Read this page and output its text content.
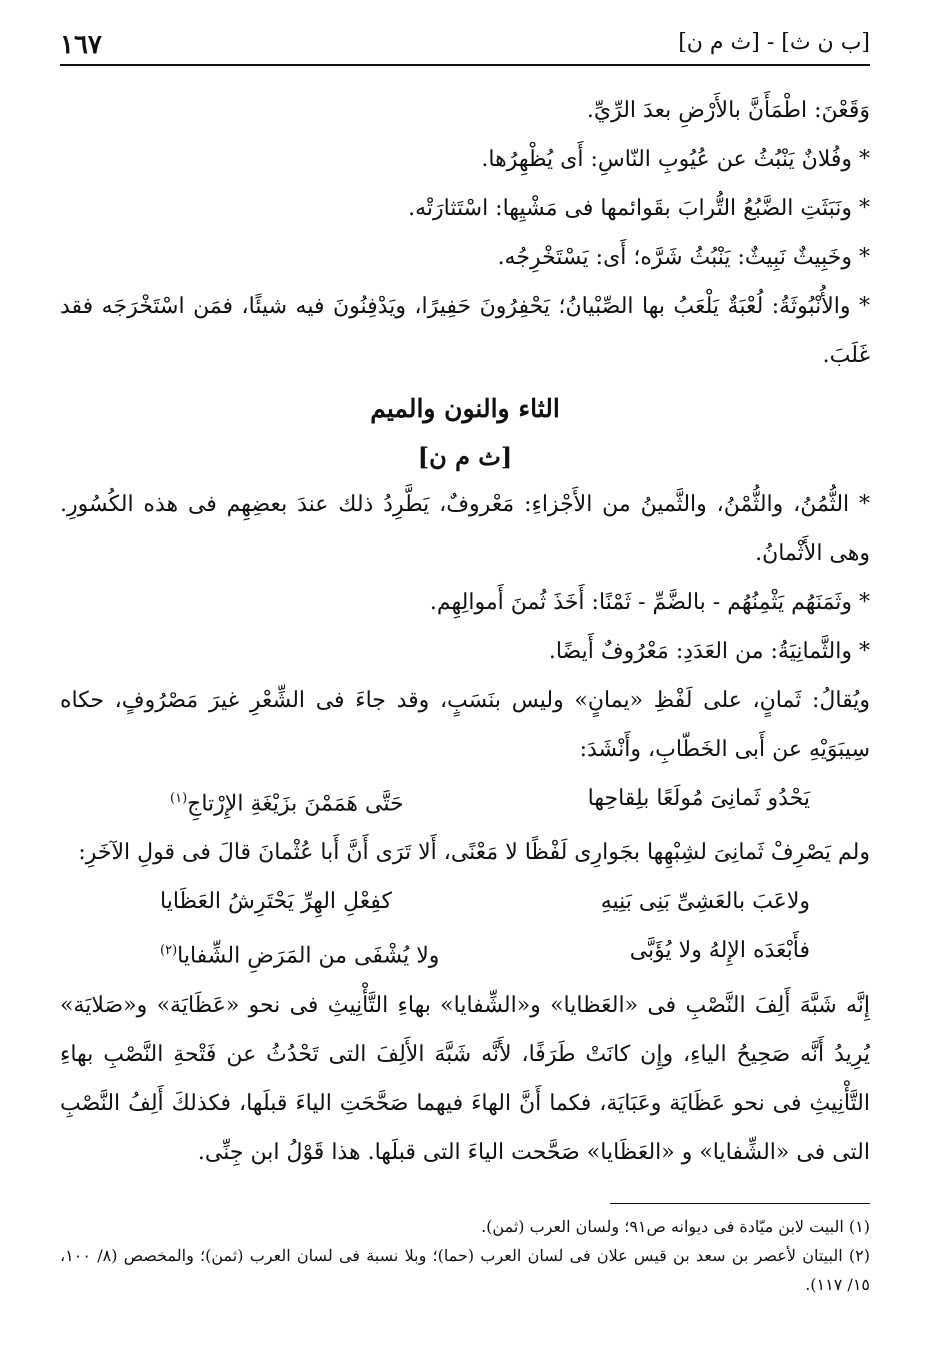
[ب ن ث] - [ث م ن]
١٦٧

وَقَعْنَ: اطْمَأَنَّ بالأَرْضِ بعدَ الرِّيِّ.

* وفُلانٌ يَنْبُثُ عن عُيُوبِ النّاسِ: أَى يُظْهِرُها.

* ونَبَثَتِ الضَّبُعُ التُّرابَ بقَوائمها فى مَشْيِها: اسْتَثارَتْه.

* وخَبِيثٌ نَبِيثٌ: يَنْبُثُ شَرَّه؛ أَى: يَسْتَخْرِجُه.

* والأُنْبُوثَةُ: لُعْبَةٌ يَلْعَبُ بها الصِّبْيانُ؛ يَحْفِرُونَ حَفِيرًا، ويَدْفِنُونَ فيه شيئًا، فمَن اسْتَخْرَجَه فقد غَلَبَ.

الثاء والنون والميم
[ث م ن]

* الثُّمُنُ، والثُّمْنُ، والثَّمينُ من الأَجْزاءِ: مَعْروفٌ، يَطَّرِدُ ذلك عندَ بعضِهِم فى هذه الكُسُورِ. وهى الأَثْمانُ.

* وثَمَنَهُم يَثْمِنُهُم - بالضَّمِّ - ثَمْنًا: أَخَذَ ثُمنَ أَموالِهِم.

* والثَّمانِيَةُ: من العَدَدِ: مَعْرُوفٌ أَيضًا.

ويُقالُ: ثَمانٍ، على لَفْظِ «يمانٍ» وليس بنَسَبٍ، وقد جاءَ فى الشِّعْرِ غيرَ مَصْرُوفٍ، حكاه سِيبَوَيْهِ عن أَبى الخَطّابِ، وأَنْشَدَ:

يَحْدُو ثَمانِىَ مُولَعًا بلِقاحِها
حَتَّى هَمَمْنَ بزَيْغَةِ الإِرْتاجِ$^{(١)}$

ولم يَصْرِفْ ثَمانِىَ لشِبْهِها بجَوارِى لَفْظًا لا مَعْنًى، أَلا تَرَى أَنَّ أَبا عُثْمانَ قالَ فى قولِ الآخَرِ:

ولاعَبَ بالعَشِىِّ بَنِى بَنِيهِ
كفِعْلِ الهِرِّ يَحْتَرِشُ العَظَايا
فأَبْعَدَه الإِلهُ ولا يُؤَبَّى
ولا يُشْفَى من المَرَضِ الشِّفايا$^{(٢)}$

إِنَّه شَبَّهَ أَلِفَ النَّصْبِ فى «العَظايا» و«الشِّفايا» بهاءِ التَّأْنِيثِ فى نحو «عَظَايَة» و«صَلايَة» يُرِيدُ أَنَّه صَحِيحُ الياءِ، وإِن كانَتْ طَرَفًا، لأَنَّه شَبَّهَ الأَلِفَ التى تَحْدُثُ عن فَتْحةِ النَّصْبِ بهاءِ التَّأْنِيثِ فى نحو عَظَايَة وعَبَايَة، فكما أَنَّ الهاءَ فيهما صَحَّحَتِ الياءَ قبلَها، فكذلكَ أَلِفُ النَّصْبِ التى فى «الشِّفايا» و «العَظَايا» صَحَّحت الياءَ التى قبلَها. هذا قَوْلُ ابن جِنِّى.

(١) البيت لابن ميّادة فى ديوانه ص٩١؛ ولسان العرب (ثمن).

(٢) البيتان لأعصر بن سعد بن قيس علان فى لسان العرب (حما)؛ وبلا نسبة فى لسان العرب (ثمن)؛ والمخصص (٨/ ١٠٠، ١٥/ ١١٧).
